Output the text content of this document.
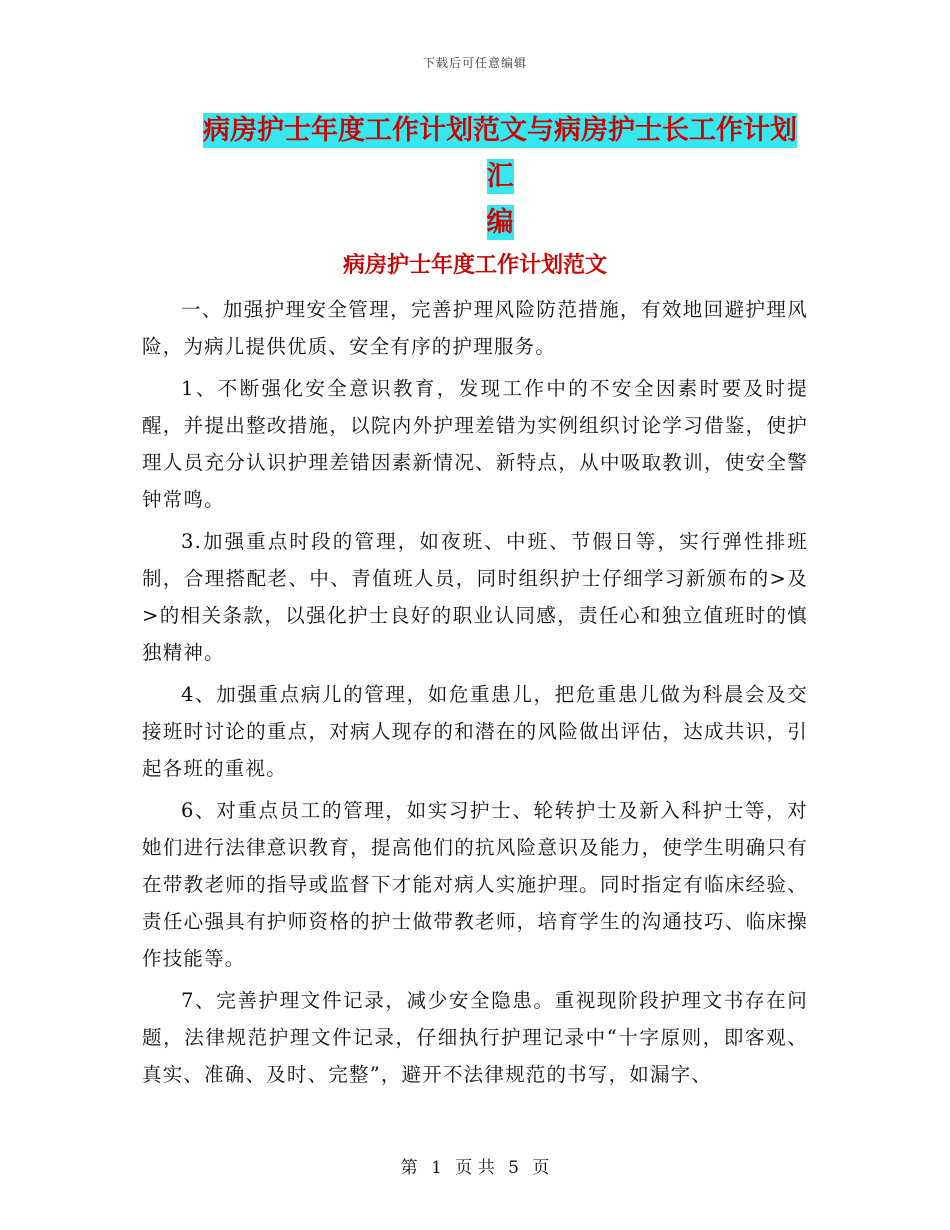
下载后可任意编辑
病房护士年度工作计划范文与病房护士长工作计划汇
编
病房护士年度工作计划范文

一、加强护理安全管理，完善护理风险防范措施，有效地回避护理风险，为病儿提供优质、安全有序的护理服务。

1、不断强化安全意识教育，发现工作中的不安全因素时要及时提醒，并提出整改措施，以院内外护理差错为实例组织讨论学习借鉴，使护理人员充分认识护理差错因素新情况、新特点，从中吸取教训，使安全警钟常鸣。

3.加强重点时段的管理，如夜班、中班、节假日等，实行弹性排班制，合理搭配老、中、青值班人员，同时组织护士仔细学习新颁布的>及>的相关条款，以强化护士良好的职业认同感，责任心和独立值班时的慎独精神。

4、加强重点病儿的管理，如危重患儿，把危重患儿做为科晨会及交接班时讨论的重点，对病人现存的和潜在的风险做出评估，达成共识，引起各班的重视。

6、对重点员工的管理，如实习护士、轮转护士及新入科护士等，对她们进行法律意识教育，提高他们的抗风险意识及能力，使学生明确只有在带教老师的指导或监督下才能对病人实施护理。同时指定有临床经验、责任心强具有护师资格的护士做带教老师，培育学生的沟通技巧、临床操作技能等。

7、完善护理文件记录，减少安全隐患。重视现阶段护理文书存在问题，法律规范护理文件记录，仔细执行护理记录中“十字原则，即客观、真实、准确、及时、完整”，避开不法律规范的书写，如漏字、

第 1 页 共 5 页
